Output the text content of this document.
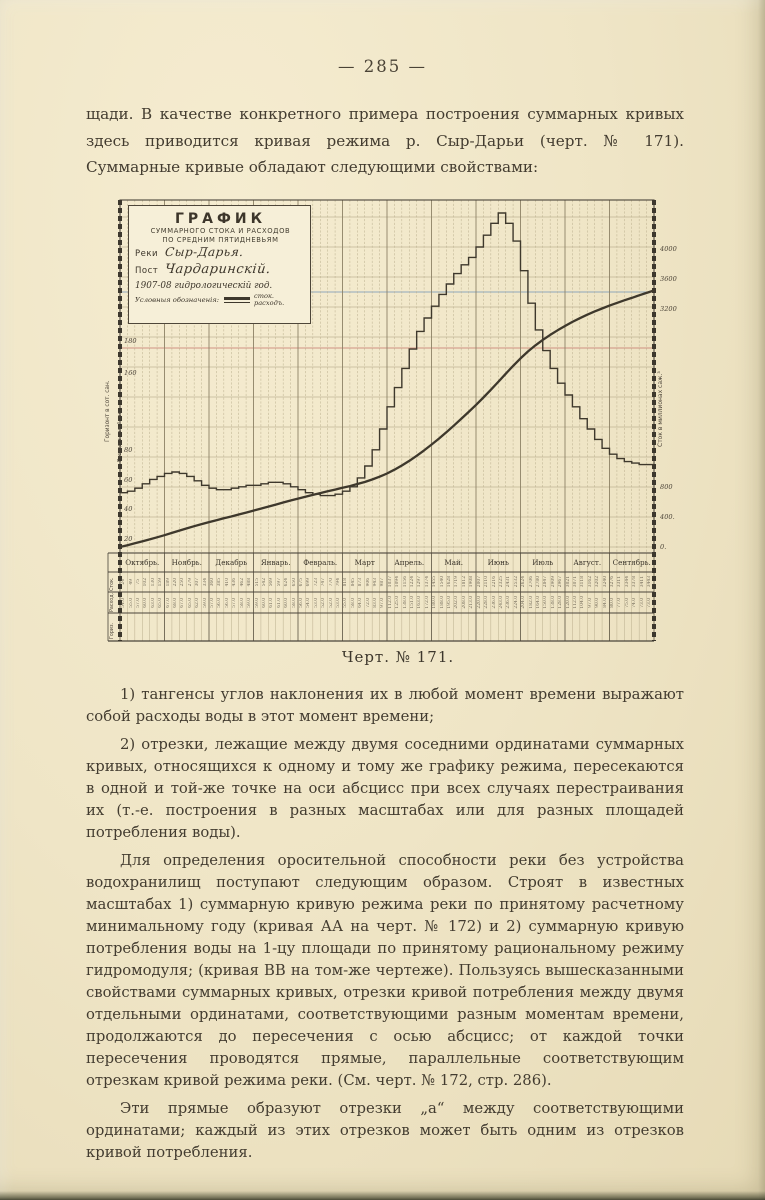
— 285 —

щади. В качестве конкретного примера построения суммарных кривых здесь приводится кривая режима р. Сыр-Дарьи (черт. № 171). Суммарные кривые обладают следующими свойствами:

ГРАФИК
СУММАРНОГО СТОКА И РАСХОДОВ
ПО СРЕДНИМ ПЯТИДНЕВЬЯМ
Реки Сыр-Дарья.
Пост Чардаринскій.
1907-08 гидрологическій год.
Условныя обозначенія:	сток.
расходъ.
Горизонт в сот. сан. Расход в саж.³ сек.	Сток в миллионах саж.³
Октябрь.	Ноябрь.	Декабрь	Январь.	Февраль.	Март	Апрель.	Май.	Июнь	Июль	Август.	Сентябрь.
24 49 75 102 130 159 189 220 250 279 307 334 360 385 410 436 462 488 515 542 569 597 624 650 675 699 723 747 770 794 818 845 873 906 943 987 1037 1094 1156 1224 1297 1374 1455 1540 1628 1719 1812 1908 2007 2110 2216 2325 2431 2532 2624 2706 2780 2847 2909 2967 3021 3071 3118 3162 3202 3240 3276 3311 3344 3378 3411 3443
54.0 55.0 57.0 60.0 63.0 65.0 67.0 68.0 67.0 65.0 62.0 59.0 57.0 56.0 56.0 57.0 58.0 59.0 59.0 60.0 61.0 61.0 60.0 58.0 56.0 54.0 53.0 52.0 52.0 53.0 55.0 58.0 64.0 72.0 83.0 97.0 112.0 125.0 138.0 151.0 163.0 172.0 180.0 188.0 195.0 202.0 208.0 213.0 220.0 228.0 236.0 243.0 236.0 224.0 204.0 182.0 164.0 150.0 138.0 128.0 120.0 112.0 104.0 97.0 90.0 84.0 80.0 77.0 75.0 74.0 73.0 73.0
180
160
80
60
40
20
4000
3600
3200
800
400.
0.
Сток.
Расход.
Гориз.
Черт. № 171.

1) тангенсы углов наклонения их в любой момент времени выражают собой расходы воды в этот момент времени;

2) отрезки, лежащие между двумя соседними ординатами суммарных кривых, относящихся к одному и тому же графику режима, пересекаются в одной и той-же точке на оси абсцисс при всех случаях перестраивания их (т.-е. построения в разных масштабах или для разных площадей потребления воды).

Для определения оросительной способности реки без устройства водохранилищ поступают следующим образом. Строят в известных масштабах 1) суммарную кривую режима реки по принятому расчетному минимальному году (кривая АА на черт. № 172) и 2) суммарную кривую потребления воды на 1-цу площади по принятому рациональному режиму гидромодуля; (кривая ВВ на том-же чертеже). Пользуясь вышесказанными свойствами суммарных кривых, отрезки кривой потребления между двумя отдельными ординатами, соответствующими разным моментам времени, продолжаются до пересечения с осью абсцисс; от каждой точки пересечения проводятся прямые, параллельные соответствующим отрезкам кривой режима реки. (См. черт. № 172, стр. 286).

Эти прямые образуют отрезки „а“ между соответствующими ординатами; каждый из этих отрезков может быть одним из отрезков кривой потребления.
